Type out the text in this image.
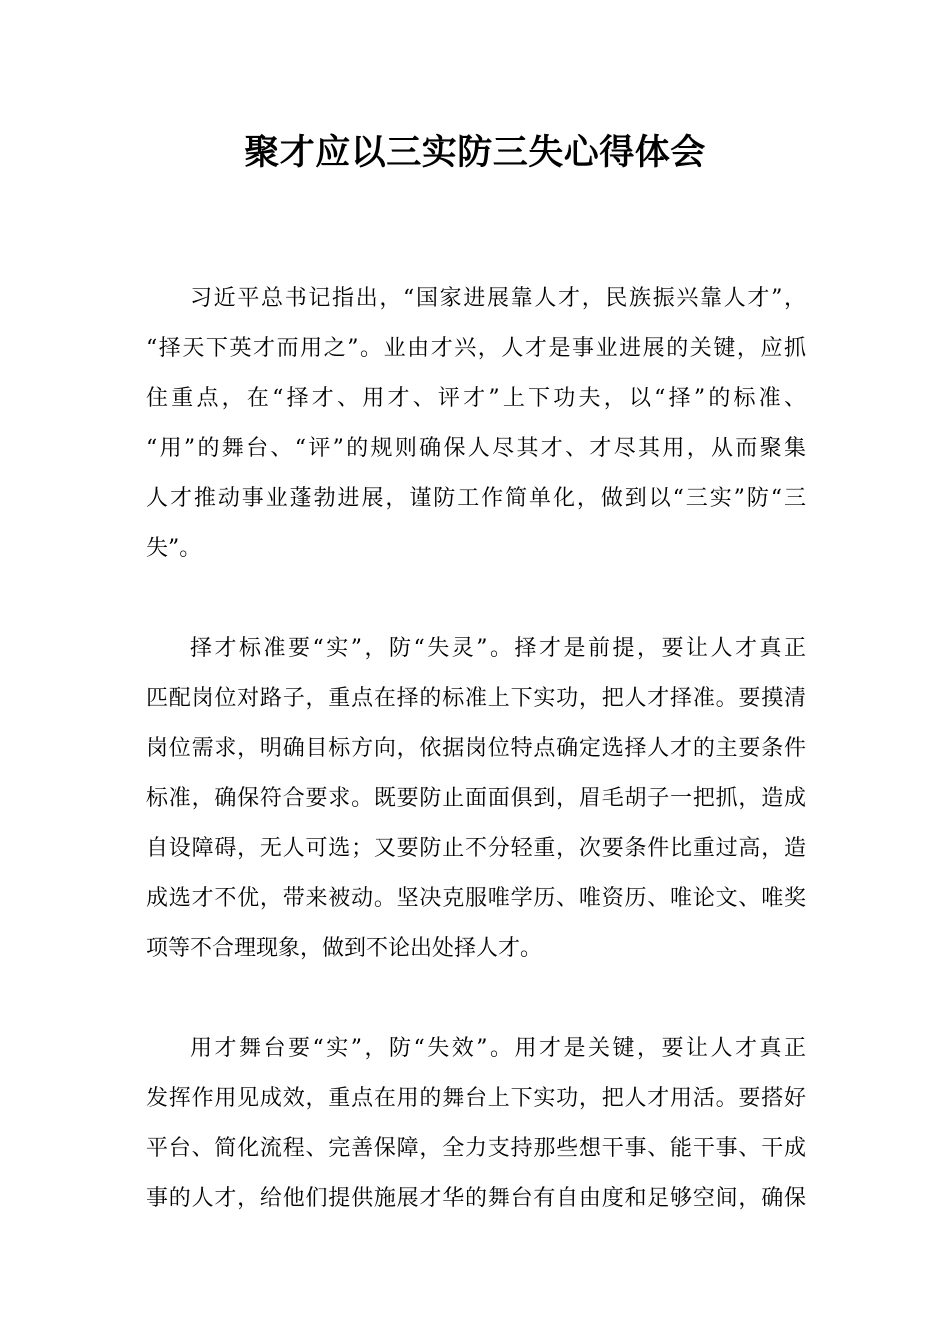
聚才应以三实防三失心得体会
习近平总书记指出，“国家进展靠人才，民族振兴靠人才”，
“择天下英才而用之”。业由才兴，人才是事业进展的关键，应抓
住重点，在“择才、用才、评才”上下功夫，以“择”的标准、
“用”的舞台、“评”的规则确保人尽其才、才尽其用，从而聚集
人才推动事业蓬勃进展，谨防工作简单化，做到以“三实”防“三
失”。
择才标准要“实”，防“失灵”。择才是前提，要让人才真正
匹配岗位对路子，重点在择的标准上下实功，把人才择准。要摸清
岗位需求，明确目标方向，依据岗位特点确定选择人才的主要条件
标准，确保符合要求。既要防止面面俱到，眉毛胡子一把抓，造成
自设障碍，无人可选；又要防止不分轻重，次要条件比重过高，造
成选才不优，带来被动。坚决克服唯学历、唯资历、唯论文、唯奖
项等不合理现象，做到不论出处择人才。
用才舞台要“实”，防“失效”。用才是关键，要让人才真正
发挥作用见成效，重点在用的舞台上下实功，把人才用活。要搭好
平台、简化流程、完善保障，全力支持那些想干事、能干事、干成
事的人才，给他们提供施展才华的舞台有自由度和足够空间，确保
